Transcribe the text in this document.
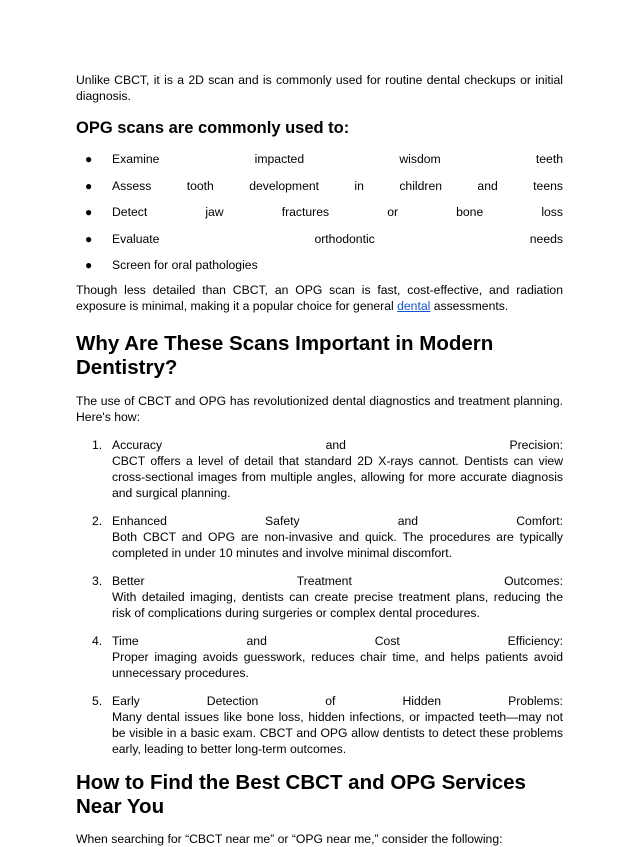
Unlike CBCT, it is a 2D scan and is commonly used for routine dental checkups or initial diagnosis.

OPG scans are commonly used to:
● Examine	impacted	wisdom	teeth
● Assess	tooth	development	in	children	and	teens
● Detect	jaw	fractures	or	bone	loss
● Evaluate	orthodontic	needs
● Screen for oral pathologies

Though less detailed than CBCT, an OPG scan is fast, cost-effective, and radiation exposure is minimal, making it a popular choice for general dental assessments.

Why Are These Scans Important in Modern Dentistry?

The use of CBCT and OPG has revolutionized dental diagnostics and treatment planning. Here's how:

1. Accuracy	and	Precision:
CBCT offers a level of detail that standard 2D X-rays cannot. Dentists can view cross-sectional images from multiple angles, allowing for more accurate diagnosis and surgical planning.
2. Enhanced	Safety	and	Comfort:
Both CBCT and OPG are non-invasive and quick. The procedures are typically completed in under 10 minutes and involve minimal discomfort.
3. Better	Treatment	Outcomes:
With detailed imaging, dentists can create precise treatment plans, reducing the risk of complications during surgeries or complex dental procedures.
4. Time	and	Cost	Efficiency:
Proper imaging avoids guesswork, reduces chair time, and helps patients avoid unnecessary procedures.
5. Early	Detection	of	Hidden	Problems:
Many dental issues like bone loss, hidden infections, or impacted teeth—may not be visible in a basic exam. CBCT and OPG allow dentists to detect these problems early, leading to better long-term outcomes.
How to Find the Best CBCT and OPG Services Near You

When searching for “CBCT near me” or “OPG near me,” consider the following:
